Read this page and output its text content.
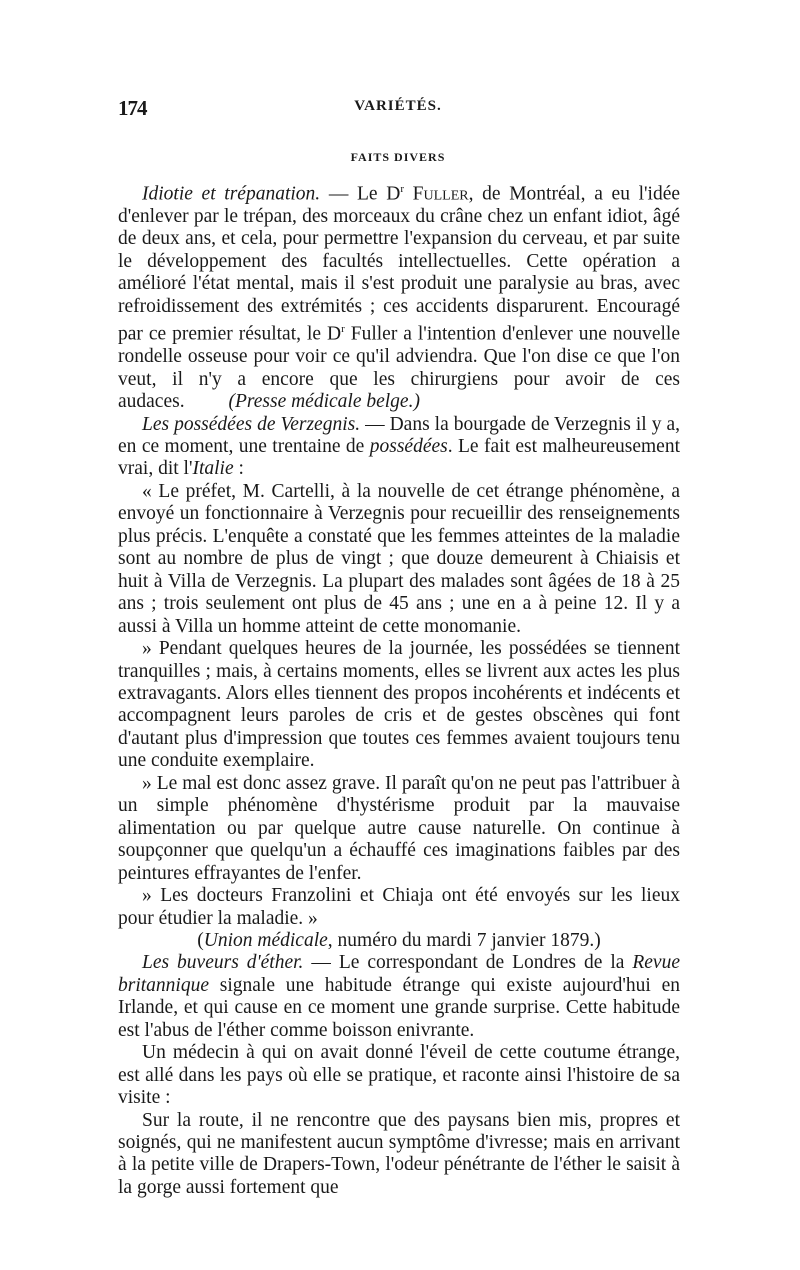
174	VARIÉTÉS.
FAITS DIVERS

Idiotie et trépanation. — Le $D^r$ Fuller, de Montréal, a eu l'idée d'enlever par le trépan, des morceaux du crâne chez un enfant idiot, âgé de deux ans, et cela, pour permettre l'expansion du cerveau, et par suite le développement des facultés intellectuelles. Cette opération a amélioré l'état mental, mais il s'est produit une paralysie au bras, avec refroidissement des extrémités ; ces accidents disparurent. Encouragé par ce premier résultat, le $D^r$ Fuller a l'intention d'enlever une nouvelle rondelle osseuse pour voir ce qu'il adviendra. Que l'on dise ce que l'on veut, il n'y a encore que les chirurgiens pour avoir de ces audaces. (Presse médicale belge.)

Les possédées de Verzegnis. — Dans la bourgade de Verzegnis il y a, en ce moment, une trentaine de possédées. Le fait est malheureusement vrai, dit l'Italie :

« Le préfet, M. Cartelli, à la nouvelle de cet étrange phénomène, a envoyé un fonctionnaire à Verzegnis pour recueillir des renseignements plus précis. L'enquête a constaté que les femmes atteintes de la maladie sont au nombre de plus de vingt ; que douze demeurent à Chiaisis et huit à Villa de Verzegnis. La plupart des malades sont âgées de 18 à 25 ans ; trois seulement ont plus de 45 ans ; une en a à peine 12. Il y a aussi à Villa un homme atteint de cette monomanie.

» Pendant quelques heures de la journée, les possédées se tiennent tranquilles ; mais, à certains moments, elles se livrent aux actes les plus extravagants. Alors elles tiennent des propos incohérents et indécents et accompagnent leurs paroles de cris et de gestes obscènes qui font d'autant plus d'impression que toutes ces femmes avaient toujours tenu une conduite exemplaire.

» Le mal est donc assez grave. Il paraît qu'on ne peut pas l'attribuer à un simple phénomène d'hystérisme produit par la mauvaise alimentation ou par quelque autre cause naturelle. On continue à soupçonner que quelqu'un a échauffé ces imaginations faibles par des peintures effrayantes de l'enfer.

» Les docteurs Franzolini et Chiaja ont été envoyés sur les lieux pour étudier la maladie. »

(Union médicale, numéro du mardi 7 janvier 1879.)

Les buveurs d'éther. — Le correspondant de Londres de la Revue britannique signale une habitude étrange qui existe aujourd'hui en Irlande, et qui cause en ce moment une grande surprise. Cette habitude est l'abus de l'éther comme boisson enivrante.

Un médecin à qui on avait donné l'éveil de cette coutume étrange, est allé dans les pays où elle se pratique, et raconte ainsi l'histoire de sa visite :

Sur la route, il ne rencontre que des paysans bien mis, propres et soignés, qui ne manifestent aucun symptôme d'ivresse; mais en arrivant à la petite ville de Drapers-Town, l'odeur pénétrante de l'éther le saisit à la gorge aussi fortement que
